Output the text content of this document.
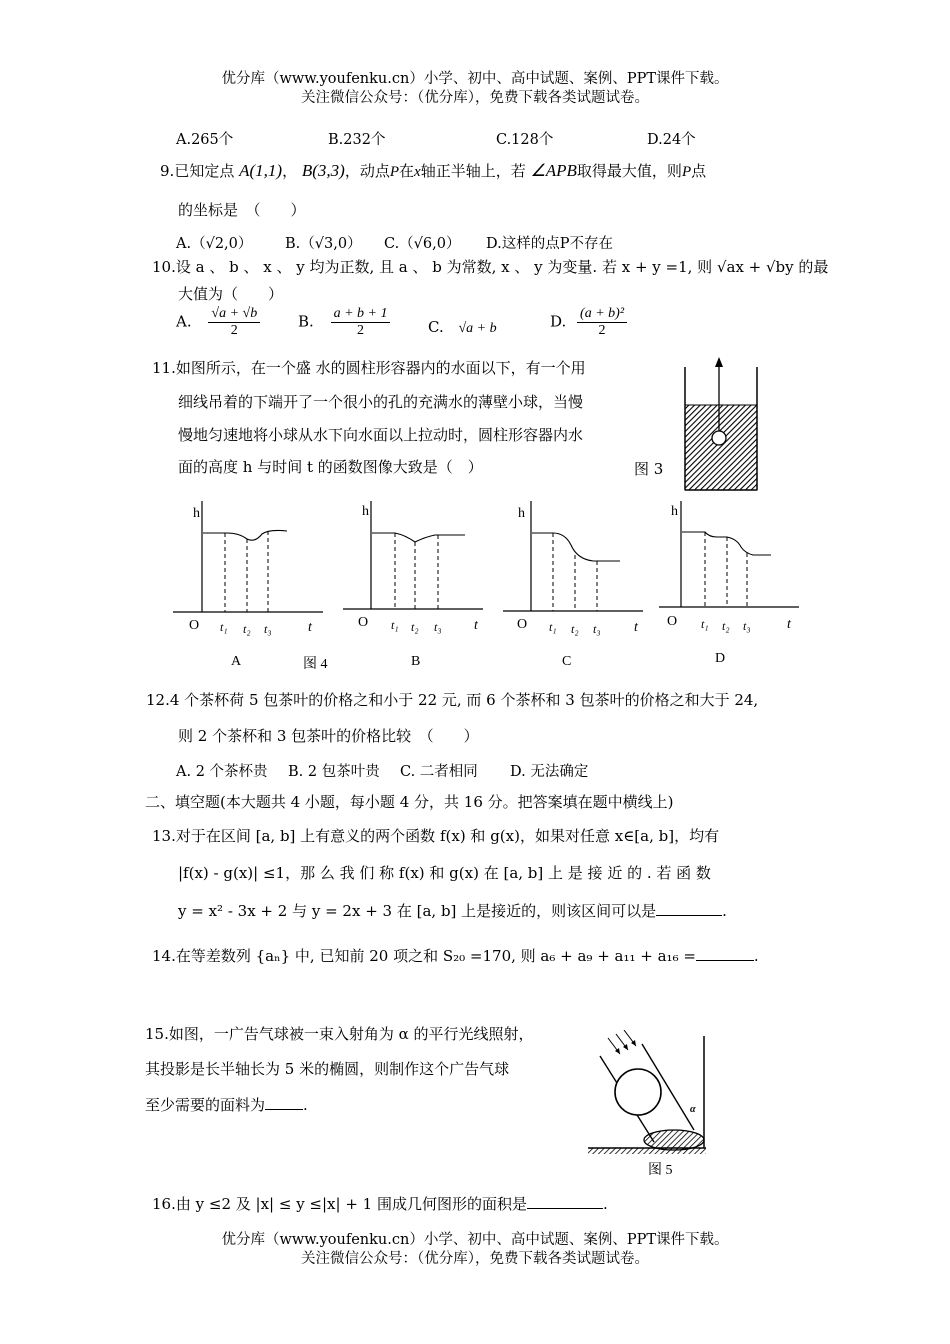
优分库（www.youfenku.cn）小学、初中、高中试题、案例、PPT课件下载。
关注微信公众号：（优分库），免费下载各类试题试卷。
A.265个	B.232个	C.128个	D.24个
9.已知定点 A(1,1)， B(3,3)，动点P在x轴正半轴上，若 ∠APB取得最大值，则P点
的坐标是　（　　）
A.（√2,0） B.（√3,0） C.（√6,0） D.这样的点P不存在
10.设 a 、 b 、 x 、 y 均为正数, 且 a 、 b 为常数, x 、 y 为变量. 若 x + y =1, 则 √ax + √by 的最
大值为（　　）
A. $\frac{√a + √b}{2}$	B. $\frac{a + b + 1}{2}$	C. √a + b	D. $\frac{\text{(a + b)²}}{2}$
11.如图所示，在一个盛 水的圆柱形容器内的水面以下，有一个用
细线吊着的下端开了一个很小的孔的充满水的薄壁小球，当慢
慢地匀速地将小球从水下向水面以上拉动时，圆柱形容器内水
面的高度 h 与时间 t 的函数图像大致是（　）	图 3
h
O t₁ t₂ t₃	t
A	图 4
h
O t₁ t₂ t₃ t
B
h
O t₁ t₂ t₃ t
C
h
O t₁ t₂ t₃	t
D
12.4 个茶杯荷 5 包茶叶的价格之和小于 22 元, 而 6 个茶杯和 3 包茶叶的价格之和大于 24,
则 2 个茶杯和 3 包茶叶的价格比较　（　　）
A. 2 个茶杯贵 B. 2 包茶叶贵 C. 二者相同 D. 无法确定
二、填空题(本大题共 4 小题，每小题 4 分，共 16 分。把答案填在题中横线上)
13.对于在区间 [a, b] 上有意义的两个函数 f(x) 和 g(x)，如果对任意 x∈[a, b]，均有
|f(x) - g(x)| ≤1，那 么 我 们 称 f(x) 和 g(x) 在 [a, b] 上 是 接 近 的 . 若 函 数
y = x² - 3x + 2 与 y = 2x + 3 在 [a, b] 上是接近的，则该区间可以是	.
14.在等差数列 {aₙ} 中, 已知前 20 项之和 S₂₀ =170, 则 a₆ + a₉ + a₁₁ + a₁₆ =	.
15.如图，一广告气球被一束入射角为 α 的平行光线照射，
其投影是长半轴长为 5 米的椭圆，则制作这个广告气球
至少需要的面料为	.	α
图 5
16.由 y ≤2 及 |x| ≤ y ≤|x| + 1 围成几何图形的面积是	.
优分库（www.youfenku.cn）小学、初中、高中试题、案例、PPT课件下载。
关注微信公众号：（优分库），免费下载各类试题试卷。
